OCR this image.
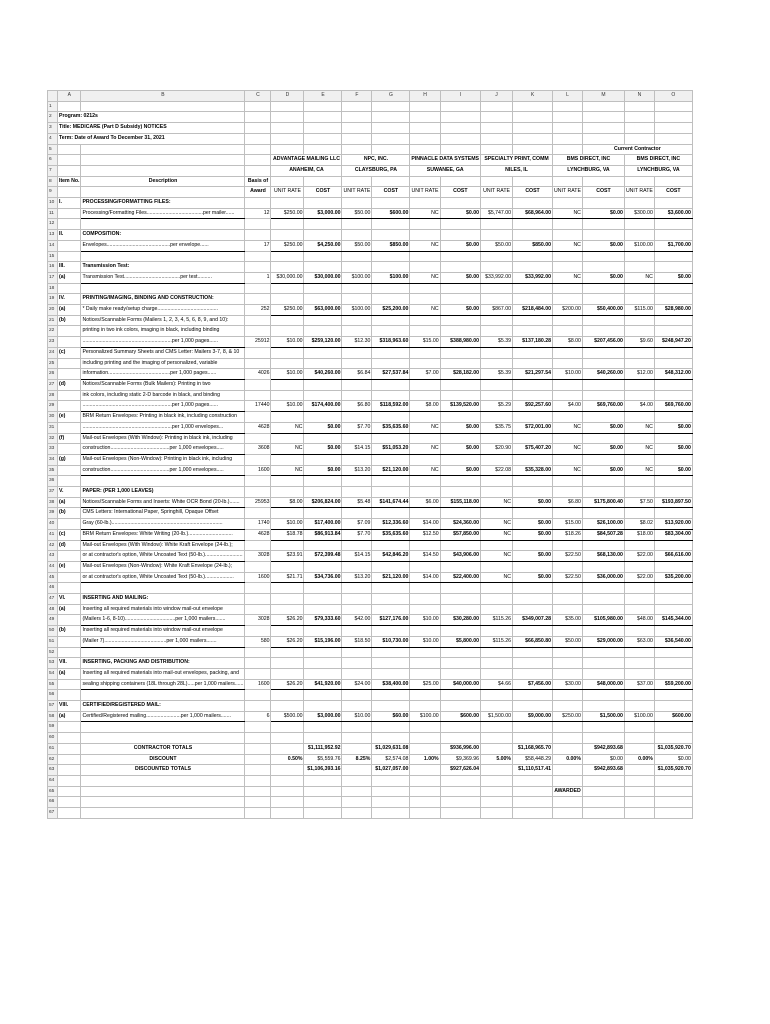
	A	B	C	D	E	F	G	H	I	J	K	L	M	N	O
1															
2	Program: 0212s														
3	Title: MEDICARE (Part D Subsidy) NOTICES														
4	Term: Date of Award To December 31, 2021														
5													Current Contractor		
6				ADVANTAGE MAILING LLC		NPC, INC.		PINNACLE DATA SYSTEMS		SPECIALTY PRINT, COMM		BMS DIRECT, INC		BMS DIRECT, INC	
7				ANAHEIM, CA		CLAYSBURG, PA		SUWANEE, GA		NILES, IL		LYNCHBURG, VA		LYNCHBURG, VA	
8	Item No.	Description	Basis of												
9			Award	UNIT RATE	COST	UNIT RATE	COST	UNIT RATE	COST	UNIT RATE	COST	UNIT RATE	COST	UNIT RATE	COST
10	I.	PROCESSING/FORMATTING FILES:													
11		Processing/Formatting Files.......................................per mailer......	12	$250.00	$3,000.00	$50.00	$600.00	NC	$0.00	$5,747.00	$68,964.00	NC	$0.00	$300.00	$3,600.00
12															
13	II.	COMPOSITION:													
14		Envelopes............................................per envelope......	17	$250.00	$4,250.00	$50.00	$850.00	NC	$0.00	$50.00	$850.00	NC	$0.00	$100.00	$1,700.00
15															
16	III.	Transmission Test:													
17	(a)	Transmission Test.......................................per test..........	1	$30,000.00	$30,000.00	$100.00	$100.00	NC	$0.00	$33,992.00	$33,992.00	NC	$0.00	NC	$0.00
18															
19	IV.	PRINTING/IMAGING, BINDING AND CONSTRUCTION:													
20	(a)	* Daily make ready/setup charge..........................................	252	$250.00	$63,000.00	$100.00	$25,200.00	NC	$0.00	$867.00	$218,484.00	$200.00	$50,400.00	$115.00	$28,980.00
21	(b)	Notices/Scannable Forms (Mailers 1, 2, 3, 4, 5, 6, 8, 9, and 10):													
22		printing in two ink colors, imaging in black, including binding													
23		..............................................................per 1,000 pages......	25912	$10.00	$259,120.00	$12.30	$318,963.60	$15.00	$388,980.00	$5.39	$137,180.28	$8.00	$207,456.00	$9.60	$248,947.20
24	(c)	Personalized Summary Sheets and CMS Letter: Mailers 3-7, 8, & 10													
25		including printing and the imaging of personalized, variable													
26		information...........................................per 1,000 pages......	4026	$10.00	$40,260.00	$6.84	$27,537.84	$7.00	$28,182.00	$5.39	$21,297.54	$10.00	$40,260.00	$12.00	$48,312.00
27	(d)	Notices/Scannable Forms (Bulk Mailers): Printing in two													
28		ink colors, including static 2-D barcode in black, and binding													
29		..............................................................per 1,000 pages......	17440	$10.00	$174,400.00	$6.80	$118,592.00	$8.00	$139,520.00	$5.29	$92,257.60	$4.00	$69,760.00	$4.00	$69,760.00
30	(e)	BRM Return Envelopes: Printing in black ink, including construction													
31		..............................................................per 1,000 envelopes...	4628	NC	$0.00	$7.70	$35,635.60	NC	$0.00	$35.75	$72,001.00	NC	$0.00	NC	$0.00
32	(f)	Mail-out Envelopes (With Window): Printing in black ink, including													
33		construction.........................................per 1,000 envelopes.....	3608	NC	$0.00	$14.15	$51,053.20	NC	$0.00	$20.90	$75,407.20	NC	$0.00	NC	$0.00
34	(g)	Mail-out Envelopes (Non-Window): Printing in black ink, including													
35		construction.........................................per 1,000 envelopes.....	1600	NC	$0.00	$13.20	$21,120.00	NC	$0.00	$22.08	$35,328.00	NC	$0.00	NC	$0.00
36															
37	V.	PAPER: (PER 1,000 LEAVES)													
38	(a)	Notices/Scannable Forms and Inserts: White OCR Bond (20-lb.).......	25953	$8.00	$206,824.00	$5.48	$141,674.44	$6.00	$155,118.00	NC	$0.00	$6.80	$175,800.40	$7.50	$193,897.50
39	(b)	CMS Letters: International Paper, Springhill, Opaque Offset													
40		Gray (60-lb.).............................................................................	1740	$10.00	$17,400.00	$7.09	$12,336.60	$14.00	$24,360.00	NC	$0.00	$15.00	$26,100.00	$8.02	$13,920.00
41	(c)	BRM Return Envelopes: White Writing (20-lb.)...............................	4628	$18.78	$86,913.84	$7.70	$35,635.60	$12.50	$57,850.00	NC	$0.00	$18.26	$84,507.28	$18.00	$83,304.00
42	(d)	Mail-out Envelopes (With Window): White Kraft Envelope (24-lb.);													
43		or at contractor's option, White Uncoated Text (50-lb.)..........................	3028	$23.91	$72,399.48	$14.15	$42,846.20	$14.50	$43,906.00	NC	$0.00	$22.50	$68,130.00	$22.00	$66,616.00
44	(e)	Mail-out Envelopes (Non-Window): White Kraft Envelope (24-lb.);													
45		or at contractor's option, White Uncoated Text (50-lb.)....................	1600	$21.71	$34,736.00	$13.20	$21,120.00	$14.00	$22,400.00	NC	$0.00	$22.50	$36,000.00	$22.00	$35,200.00
46															
47	VI.	INSERTING AND MAILING:													
48	(a)	Inserting all required materials into window mail-out envelope													
49		(Mailers 1-6, 8-10)...................................per 1,000 mailers.......	3028	$26.20	$79,333.60	$42.00	$127,176.00	$10.00	$30,280.00	$115.26	$349,007.28	$35.00	$105,980.00	$48.00	$145,344.00
50	(b)	Inserting all required materials into window mail-out envelope													
51		(Mailer 7)...........................................per 1,000 mailers.......	580	$26.20	$15,196.00	$18.50	$10,730.00	$10.00	$5,800.00	$115.26	$66,850.80	$50.00	$29,000.00	$63.00	$36,540.00
52															
53	VII.	INSERTING, PACKING AND DISTRIBUTION:													
54	(a)	Inserting all required materials into mail-out envelopes, packing, and													
55		sealing shipping containers (18L through 28L).....per 1,000 mailers......	1600	$26.20	$41,920.00	$24.00	$38,400.00	$25.00	$40,000.00	$4.66	$7,456.00	$30.00	$48,000.00	$37.00	$59,200.00
56															
57	VIII.	CERTIFIED/REGISTERED MAIL:													
58	(a)	Certified/Registered mailing........................per 1,000 mailers.......	6	$500.00	$3,000.00	$10.00	$60.00	$100.00	$600.00	$1,500.00	$9,000.00	$250.00	$1,500.00	$100.00	$600.00
59															
60															
61		CONTRACTOR TOTALS			$1,111,952.92		$1,029,631.08		$936,996.00		$1,168,965.70		$942,893.68		$1,035,920.70
62		DISCOUNT		0.50%	$5,559.76	8.25%	$2,574.08	1.00%	$9,369.96	5.00%	$58,448.29	0.00%	$0.00	0.00%	$0.00
63		DISCOUNTED TOTALS			$1,106,393.16		$1,027,057.00		$927,626.04		$1,110,517.41		$942,893.68		$1,035,920.70
64															
65												AWARDED			
66															
67															
